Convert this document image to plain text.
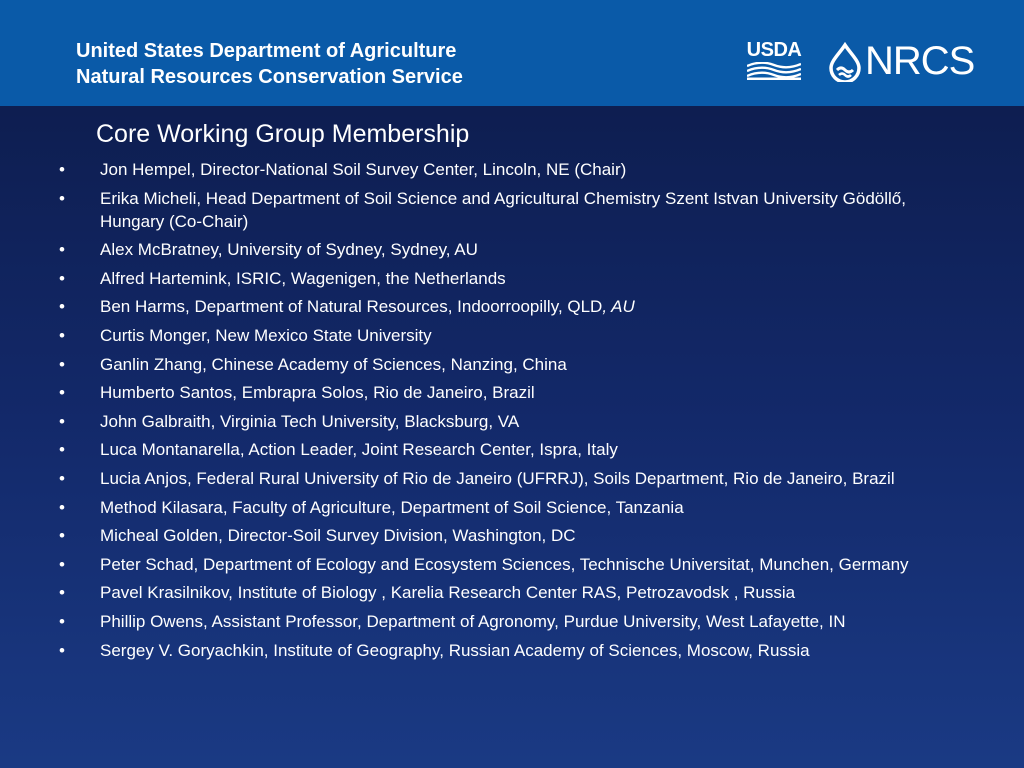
United States Department of Agriculture
Natural Resources Conservation Service
USDA NRCS
Core Working Group Membership
• Jon Hempel, Director-National Soil Survey Center, Lincoln, NE (Chair)
• Erika Micheli, Head Department of Soil Science and Agricultural Chemistry Szent Istvan University Gödöllő, Hungary (Co-Chair)
• Alex McBratney, University of Sydney, Sydney, AU
• Alfred Hartemink, ISRIC, Wagenigen, the Netherlands
• Ben Harms, Department of Natural Resources, Indoorroopilly, QLD, AU
• Curtis Monger, New Mexico State University
• Ganlin Zhang, Chinese Academy of Sciences, Nanzing, China
• Humberto Santos, Embrapra Solos, Rio de Janeiro, Brazil
• John Galbraith, Virginia Tech University, Blacksburg, VA
• Luca Montanarella, Action Leader, Joint Research Center, Ispra, Italy
• Lucia Anjos, Federal Rural University of Rio de Janeiro (UFRRJ), Soils Department, Rio de Janeiro, Brazil
• Method Kilasara, Faculty of Agriculture, Department of Soil Science, Tanzania
• Micheal Golden, Director-Soil Survey Division, Washington, DC
• Peter Schad, Department of Ecology and Ecosystem Sciences, Technische Universitat, Munchen, Germany
• Pavel Krasilnikov, Institute of Biology , Karelia Research Center RAS, Petrozavodsk , Russia
• Phillip Owens, Assistant Professor, Department of Agronomy, Purdue University, West Lafayette, IN
• Sergey V. Goryachkin, Institute of Geography, Russian Academy of Sciences, Moscow, Russia
